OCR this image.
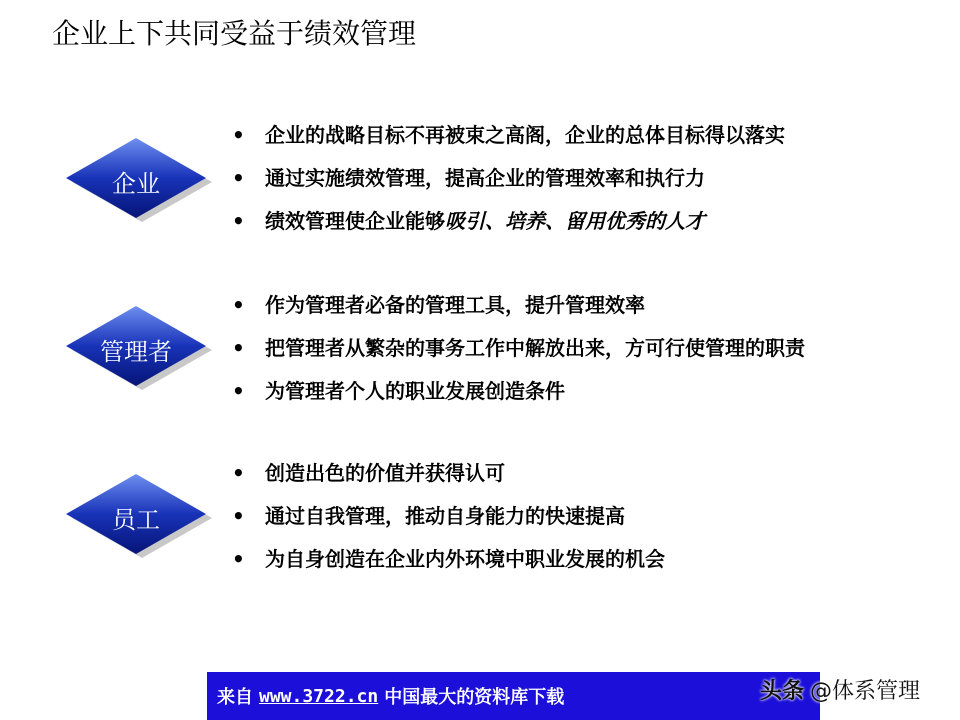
企业上下共同受益于绩效管理
企业
• 企业的战略目标不再被束之高阁，企业的总体目标得以落实
• 通过实施绩效管理，提高企业的管理效率和执行力
• 绩效管理使企业能够吸引、培养、留用优秀的人才
管理者
• 作为管理者必备的管理工具，提升管理效率
• 把管理者从繁杂的事务工作中解放出来，方可行使管理的职责
• 为管理者个人的职业发展创造条件
员工
• 创造出色的价值并获得认可
• 通过自我管理，推动自身能力的快速提高
• 为自身创造在企业内外环境中职业发展的机会
来自 www.3722.cn 中国最大的资料库下载	头条 @体系管理
